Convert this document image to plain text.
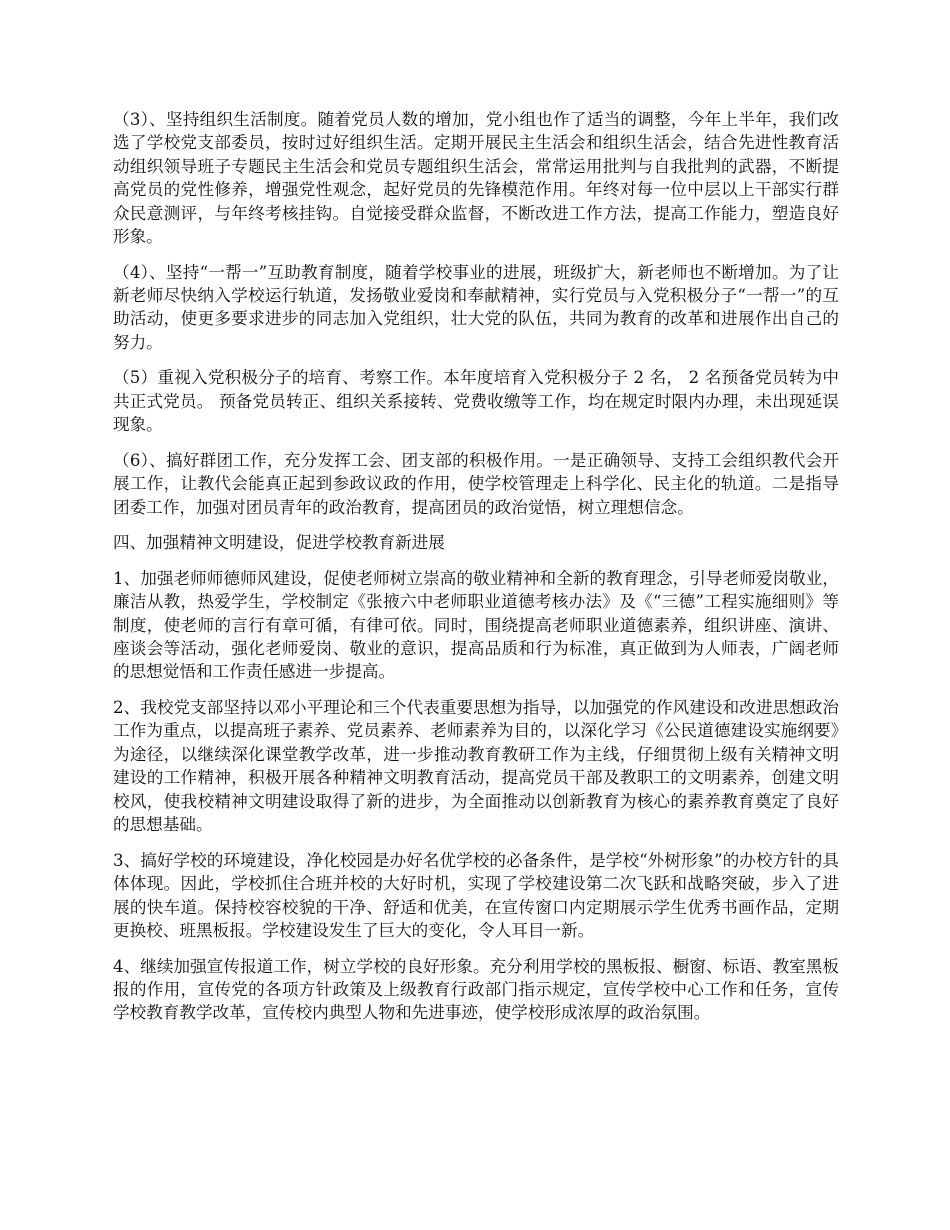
（3）、坚持组织生活制度。随着党员人数的增加，党小组也作了适当的调整，今年上半年，我们改选了学校党支部委员，按时过好组织生活。定期开展民主生活会和组织生活会，结合先进性教育活动组织领导班子专题民主生活会和党员专题组织生活会，常常运用批判与自我批判的武器，不断提高党员的党性修养，增强党性观念，起好党员的先锋模范作用。年终对每一位中层以上干部实行群众民意测评，与年终考核挂钩。自觉接受群众监督，不断改进工作方法，提高工作能力，塑造良好形象。

（4）、坚持“一帮一”互助教育制度，随着学校事业的进展，班级扩大，新老师也不断增加。为了让新老师尽快纳入学校运行轨道，发扬敬业爱岗和奉献精神，实行党员与入党积极分子“一帮一”的互助活动，使更多要求进步的同志加入党组织，壮大党的队伍，共同为教育的改革和进展作出自己的努力。

（5）重视入党积极分子的培育、考察工作。本年度培育入党积极分子 2 名， 2 名预备党员转为中共正式党员。 预备党员转正、组织关系接转、党费收缴等工作，均在规定时限内办理，未出现延误现象。

（6）、搞好群团工作，充分发挥工会、团支部的积极作用。一是正确领导、支持工会组织教代会开展工作，让教代会能真正起到参政议政的作用，使学校管理走上科学化、民主化的轨道。二是指导团委工作，加强对团员青年的政治教育，提高团员的政治觉悟，树立理想信念。

四、加强精神文明建设，促进学校教育新进展

1、加强老师师德师风建设，促使老师树立崇高的敬业精神和全新的教育理念，引导老师爱岗敬业，廉洁从教，热爱学生，学校制定《张掖六中老师职业道德考核办法》及《“三德”工程实施细则》等制度，使老师的言行有章可循，有律可依。同时，围绕提高老师职业道德素养，组织讲座、演讲、座谈会等活动，强化老师爱岗、敬业的意识，提高品质和行为标准，真正做到为人师表，广阔老师的思想觉悟和工作责任感进一步提高。

2、我校党支部坚持以邓小平理论和三个代表重要思想为指导，以加强党的作风建设和改进思想政治工作为重点，以提高班子素养、党员素养、老师素养为目的，以深化学习《公民道德建设实施纲要》为途径，以继续深化课堂教学改革，进一步推动教育教研工作为主线，仔细贯彻上级有关精神文明建设的工作精神，积极开展各种精神文明教育活动，提高党员干部及教职工的文明素养，创建文明校风，使我校精神文明建设取得了新的进步，为全面推动以创新教育为核心的素养教育奠定了良好的思想基础。

3、搞好学校的环境建设，净化校园是办好名优学校的必备条件，是学校“外树形象”的办校方针的具体体现。因此，学校抓住合班并校的大好时机，实现了学校建设第二次飞跃和战略突破，步入了进展的快车道。保持校容校貌的干净、舒适和优美，在宣传窗口内定期展示学生优秀书画作品，定期更换校、班黑板报。学校建设发生了巨大的变化，令人耳目一新。

4、继续加强宣传报道工作，树立学校的良好形象。充分利用学校的黑板报、橱窗、标语、教室黑板报的作用，宣传党的各项方针政策及上级教育行政部门指示规定，宣传学校中心工作和任务，宣传学校教育教学改革，宣传校内典型人物和先进事迹，使学校形成浓厚的政治氛围。
